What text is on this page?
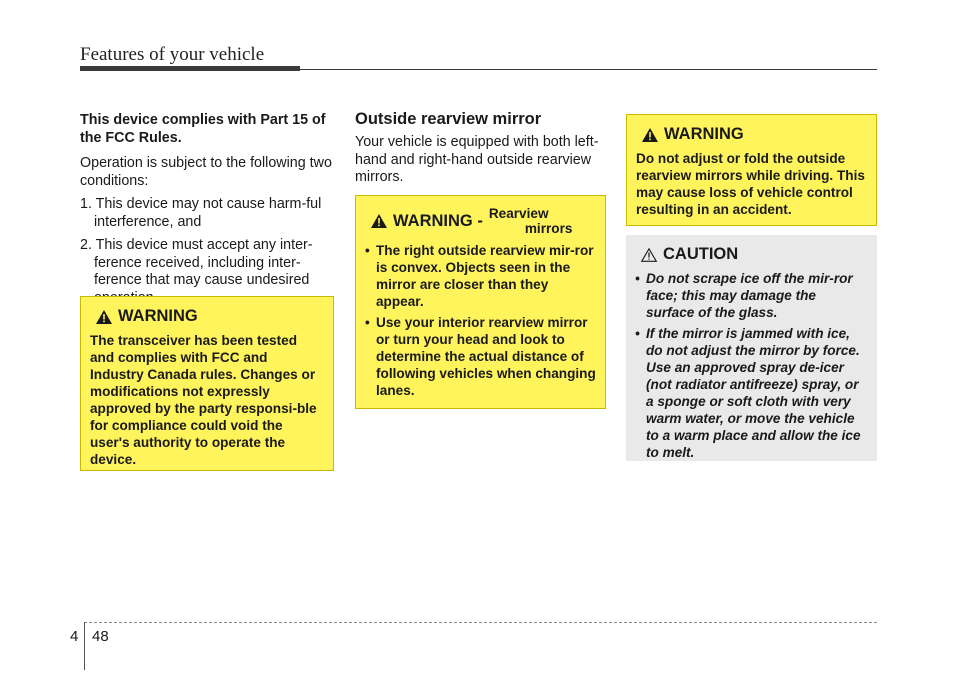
Features of your vehicle

This device complies with Part 15 of the FCC Rules.

Operation is subject to the following two conditions:

1. This device may not cause harm-ful interference, and
2. This device must accept any inter-ference received, including inter-ference that may cause undesired
WARNING
The transceiver has been tested and complies with FCC and Industry Canada rules. Changes or modifications not expressly approved by the party responsi-ble for compliance could void the user's authority to operate the device.
Outside rearview mirror
Your vehicle is equipped with both left-hand and right-hand outside rearview mirrors.
WARNING - Rearview
mirrors
• The right outside rearview mir-ror is convex. Objects seen in the mirror are closer than they appear.
• Use your interior rearview mirror or turn your head and look to determine the actual distance of following vehicles when changing lanes.
WARNING
Do not adjust or fold the outside rearview mirrors while driving. This may cause loss of vehicle control resulting in an accident.
CAUTION
• Do not scrape ice off the mir-ror face; this may damage the surface of the glass.
• If the mirror is jammed with ice, do not adjust the mirror by force. Use an approved spray de-icer (not radiator antifreeze) spray, or a sponge or soft cloth with very warm water, or move the vehicle to a warm place and allow the ice to melt.
4 48
